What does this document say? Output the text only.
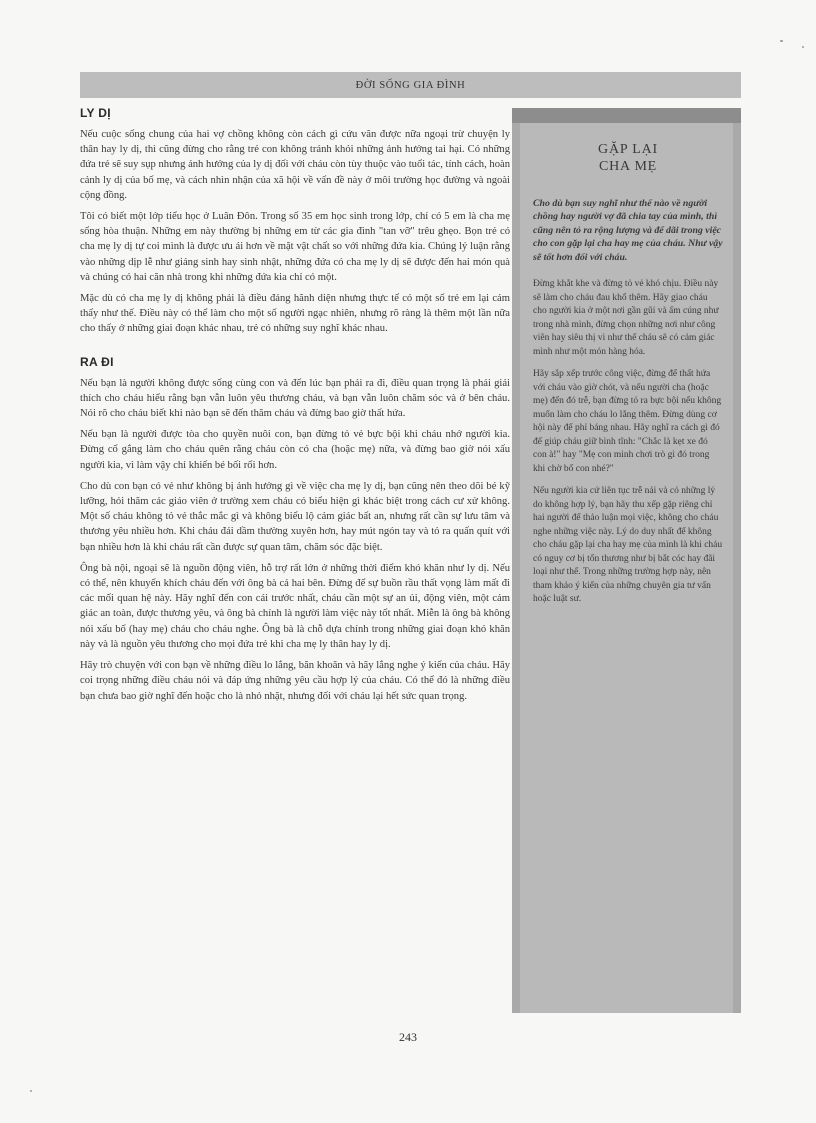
ĐỜI SỐNG GIA ĐÌNH
LY DỊ

Nếu cuộc sống chung của hai vợ chồng không còn cách gì cứu vãn được nữa ngoại trừ chuyện ly thân hay ly dị, thì cũng đừng cho rằng trẻ con không tránh khỏi những ảnh hưởng tai hại. Có những đứa trẻ sẽ suy sụp nhưng ảnh hưởng của ly dị đối với cháu còn tùy thuộc vào tuổi tác, tính cách, hoàn cảnh ly dị của bố mẹ, và cách nhìn nhận của xã hội về vấn đề này ở môi trường học đường và ngoài cộng đồng.

Tôi có biết một lớp tiểu học ở Luân Đôn. Trong số 35 em học sinh trong lớp, chỉ có 5 em là cha mẹ sống hòa thuận. Những em này thường bị những em từ các gia đình "tan vỡ" trêu ghẹo. Bọn trẻ có cha mẹ ly dị tự coi mình là được ưu ái hơn về mặt vật chất so với những đứa kia. Chúng lý luận rằng vào những dịp lễ như giáng sinh hay sinh nhật, những đứa có cha mẹ ly dị sẽ được đến hai món quà và chúng có hai căn nhà trong khi những đứa kia chỉ có một.

Mặc dù có cha mẹ ly dị không phải là điều đáng hãnh diện nhưng thực tế có một số trẻ em lại cảm thấy như thế. Điều này có thể làm cho một số người ngạc nhiên, nhưng rõ ràng là thêm một lần nữa cho thấy ở những giai đoạn khác nhau, trẻ có những suy nghĩ khác nhau.

RA ĐI

Nếu bạn là người không được sống cùng con và đến lúc bạn phải ra đi, điều quan trọng là phải giải thích cho cháu hiểu rằng bạn vẫn luôn yêu thương cháu, và bạn vẫn luôn chăm sóc và ở bên cháu. Nói rõ cho cháu biết khi nào bạn sẽ đến thăm cháu và đừng bao giờ thất hứa.

Nếu bạn là người được tòa cho quyền nuôi con, bạn đừng tỏ vẻ bực bội khi cháu nhớ người kia. Đừng cố gắng làm cho cháu quên rằng cháu còn có cha (hoặc mẹ) nữa, và đừng bao giờ nói xấu người kia, vì làm vậy chỉ khiến bé bối rối hơn.

Cho dù con bạn có vẻ như không bị ảnh hưởng gì về việc cha mẹ ly dị, bạn cũng nên theo dõi bé kỹ lưỡng, hỏi thăm các giáo viên ở trường xem cháu có biểu hiện gì khác biệt trong cách cư xử không. Một số cháu không tỏ vẻ thắc mắc gì và không biểu lộ cảm giác bất an, nhưng rất cần sự lưu tâm và thương yêu nhiều hơn. Khi cháu đái dầm thường xuyên hơn, hay mút ngón tay và tỏ ra quấn quít với bạn nhiều hơn là khi cháu rất cần được sự quan tâm, chăm sóc đặc biệt.

Ông bà nội, ngoại sẽ là nguồn động viên, hỗ trợ rất lớn ở những thời điểm khó khăn như ly dị. Nếu có thể, nên khuyến khích cháu đến với ông bà cả hai bên. Đừng để sự buồn rầu thất vọng làm mất đi các mối quan hệ này. Hãy nghĩ đến con cái trước nhất, cháu cần một sự an ủi, động viên, một cảm giác an toàn, được thương yêu, và ông bà chính là người làm việc này tốt nhất. Miễn là ông bà không nói xấu bố (hay mẹ) cháu cho cháu nghe. Ông bà là chỗ dựa chính trong những giai đoạn khó khăn này và là nguồn yêu thương cho mọi đứa trẻ khi cha mẹ ly thân hay ly dị.

Hãy trò chuyện với con bạn về những điều lo lắng, băn khoăn và hãy lắng nghe ý kiến của cháu. Hãy coi trọng những điều cháu nói và đáp ứng những yêu cầu hợp lý của cháu. Có thể đó là những điều bạn chưa bao giờ nghĩ đến hoặc cho là nhỏ nhặt, nhưng đối với cháu lại hết sức quan trọng.

GẶP LẠI
CHA MẸ

Cho dù bạn suy nghĩ như thế nào về người chồng hay người vợ đã chia tay của mình, thì cũng nên tỏ ra rộng lượng và để dãi trong việc cho con gặp lại cha hay mẹ của cháu. Như vậy sẽ tốt hơn đối với cháu.

Đừng khắt khe và đừng tỏ vẻ khó chịu. Điều này sẽ làm cho cháu đau khổ thêm. Hãy giao cháu cho người kia ở một nơi gần gũi và ấm cúng như trong nhà mình, đừng chọn những nơi như công viên hay siêu thị vì như thế cháu sẽ có cảm giác mình như một món hàng hóa.

Hãy sắp xếp trước công việc, đừng để thất hứa với cháu vào giờ chót, và nếu người cha (hoặc mẹ) đến đó trễ, bạn đừng tỏ ra bực bội nếu không muốn làm cho cháu lo lắng thêm. Đừng dùng cơ hội này để phỉ báng nhau. Hãy nghĩ ra cách gì đó để giúp cháu giữ bình tĩnh: "Chắc là kẹt xe đó con à!" hay "Mẹ con mình chơi trò gì đó trong khi chờ bố con nhé?"

Nếu người kia cứ liên tục trễ nải và có những lý do không hợp lý, bạn hãy thu xếp gặp riêng chỉ hai người để thảo luận mọi việc, không cho cháu nghe những việc này. Lý do duy nhất để không cho cháu gặp lại cha hay mẹ của mình là khi cháu có nguy cơ bị tổn thương như bị bắt cóc hay đãi loại như thế. Trong những trường hợp này, nên tham khảo ý kiến của những chuyên gia tư vấn hoặc luật sư.

243
